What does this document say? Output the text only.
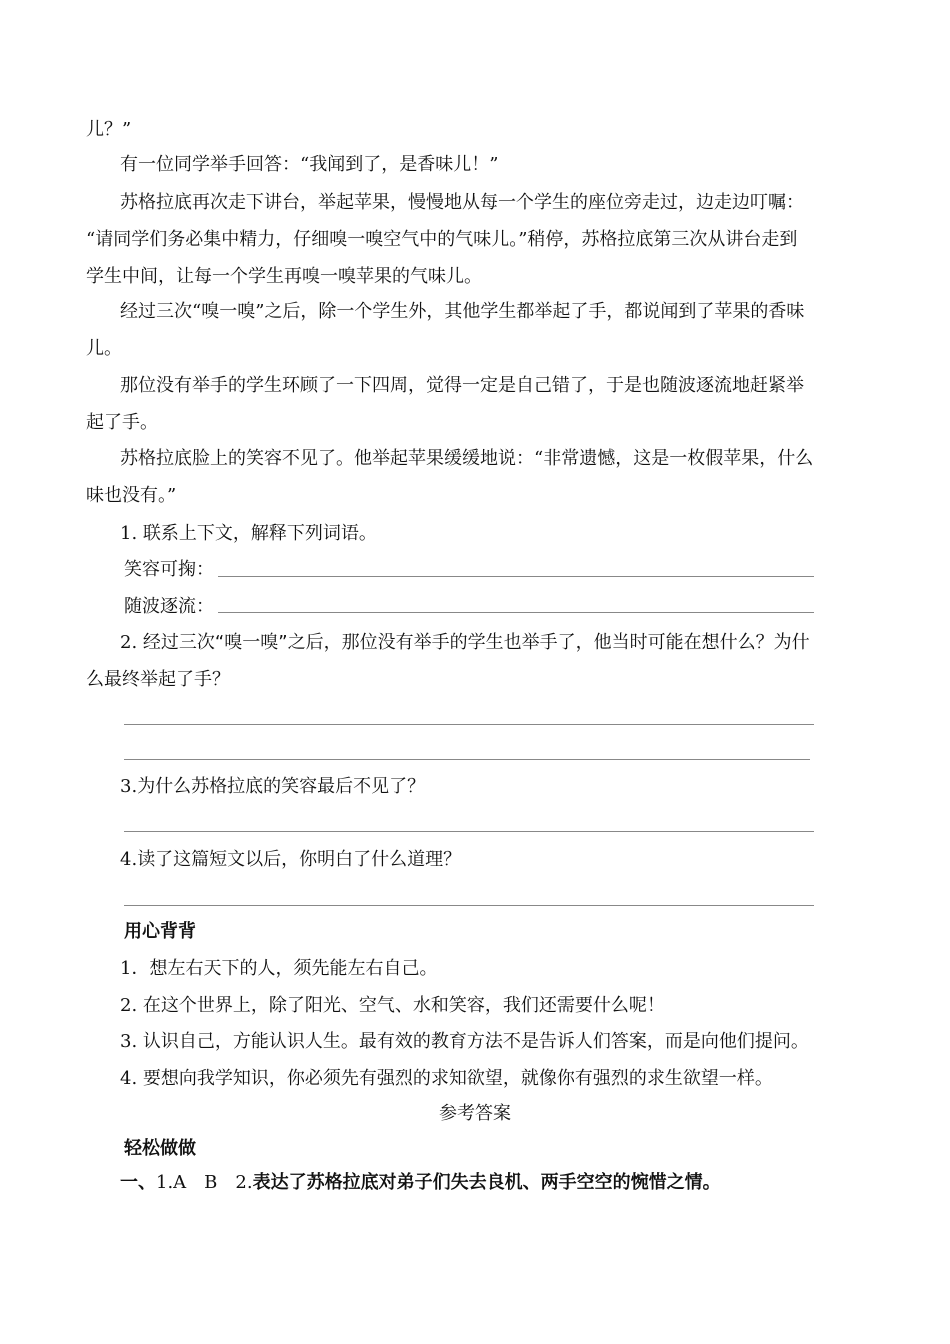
儿？”
有一位同学举手回答：“我闻到了，是香味儿！”
苏格拉底再次走下讲台，举起苹果，慢慢地从每一个学生的座位旁走过，边走边叮嘱：
“请同学们务必集中精力，仔细嗅一嗅空气中的气味儿。”稍停，苏格拉底第三次从讲台走到
学生中间，让每一个学生再嗅一嗅苹果的气味儿。
经过三次“嗅一嗅”之后，除一个学生外，其他学生都举起了手，都说闻到了苹果的香味
儿。
那位没有举手的学生环顾了一下四周，觉得一定是自己错了，于是也随波逐流地赶紧举
起了手。
苏格拉底脸上的笑容不见了。他举起苹果缓缓地说：“非常遗憾，这是一枚假苹果，什么
味也没有。”
1. 联系上下文，解释下列词语。
笑容可掬：
随波逐流：
2. 经过三次“嗅一嗅”之后，那位没有举手的学生也举手了，他当时可能在想什么？为什
么最终举起了手？
3.为什么苏格拉底的笑容最后不见了？
4.读了这篇短文以后，你明白了什么道理？
用心背背
1．想左右天下的人，须先能左右自己。
2. 在这个世界上，除了阳光、空气、水和笑容，我们还需要什么呢！
3. 认识自己，方能认识人生。最有效的教育方法不是告诉人们答案，而是向他们提问。
4. 要想向我学知识，你必须先有强烈的求知欲望，就像你有强烈的求生欲望一样。
参考答案
轻松做做
一、1.A　B　2.表达了苏格拉底对弟子们失去良机、两手空空的惋惜之情。
